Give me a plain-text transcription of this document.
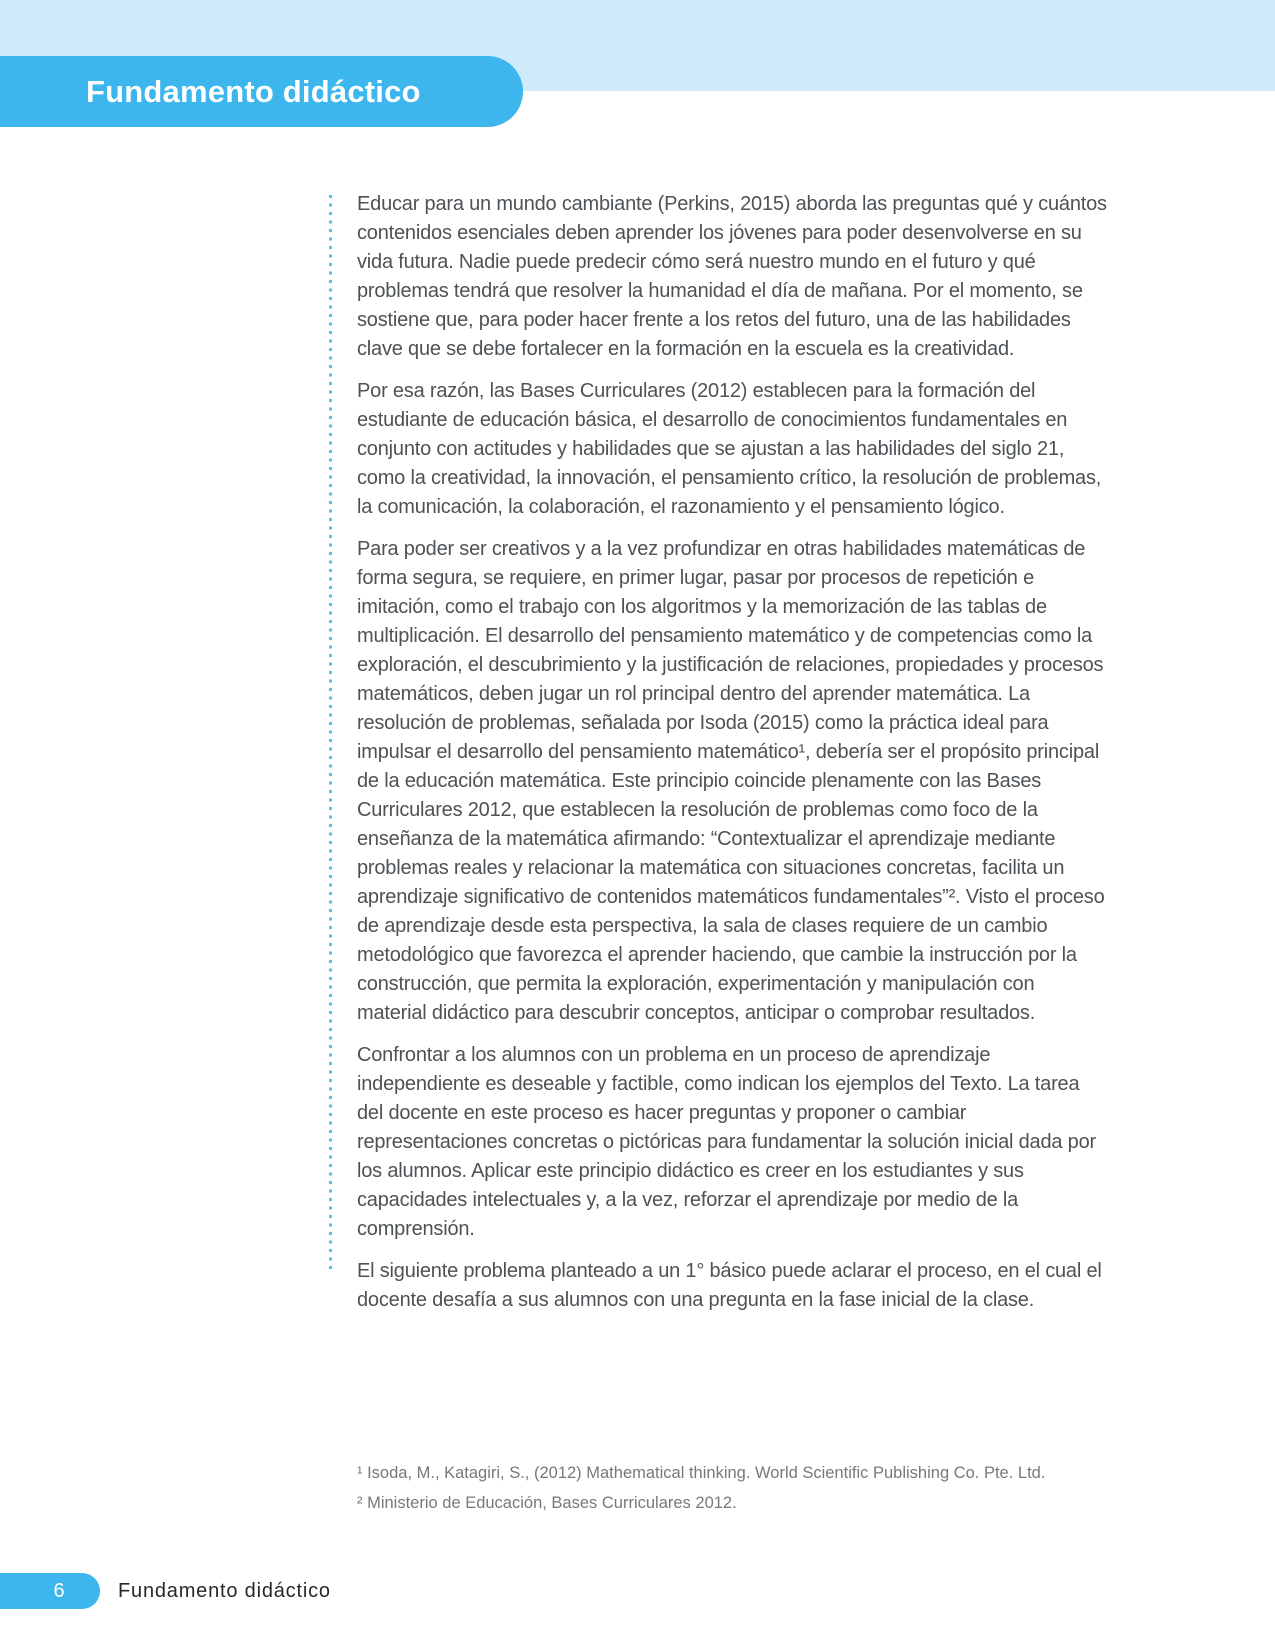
Fundamento didáctico

Educar para un mundo cambiante (Perkins, 2015) aborda las preguntas qué y cuántos contenidos esenciales deben aprender los jóvenes para poder desenvolverse en su vida futura. Nadie puede predecir cómo será nuestro mundo en el futuro y qué problemas tendrá que resolver la humanidad el día de mañana. Por el momento, se sostiene que, para poder hacer frente a los retos del futuro, una de las habilidades clave que se debe fortalecer en la formación en la escuela es la creatividad.

Por esa razón, las Bases Curriculares (2012) establecen para la formación del estudiante de educación básica, el desarrollo de conocimientos fundamentales en conjunto con actitudes y habilidades que se ajustan a las habilidades del siglo 21, como la creatividad, la innovación, el pensamiento crítico, la resolución de problemas, la comunicación, la colaboración, el razonamiento y el pensamiento lógico.

Para poder ser creativos y a la vez profundizar en otras habilidades matemáticas de forma segura, se requiere, en primer lugar, pasar por procesos de repetición e imitación, como el trabajo con los algoritmos y la memorización de las tablas de multiplicación. El desarrollo del pensamiento matemático y de competencias como la exploración, el descubrimiento y la justificación de relaciones, propiedades y procesos matemáticos, deben jugar un rol principal dentro del aprender matemática. La resolución de problemas, señalada por Isoda (2015) como la práctica ideal para impulsar el desarrollo del pensamiento matemático¹, debería ser el propósito principal de la educación matemática. Este principio coincide plenamente con las Bases Curriculares 2012, que establecen la resolución de problemas como foco de la enseñanza de la matemática afirmando: “Contextualizar el aprendizaje mediante problemas reales y relacionar la matemática con situaciones concretas, facilita un aprendizaje significativo de contenidos matemáticos fundamentales”². Visto el proceso de aprendizaje desde esta perspectiva, la sala de clases requiere de un cambio metodológico que favorezca el aprender haciendo, que cambie la instrucción por la construcción, que permita la exploración, experimentación y manipulación con material didáctico para descubrir conceptos, anticipar o comprobar resultados.

Confrontar a los alumnos con un problema en un proceso de aprendizaje independiente es deseable y factible, como indican los ejemplos del Texto. La tarea del docente en este proceso es hacer preguntas y proponer o cambiar representaciones concretas o pictóricas para fundamentar la solución inicial dada por los alumnos. Aplicar este principio didáctico es creer en los estudiantes y sus capacidades intelectuales y, a la vez, reforzar el aprendizaje por medio de la comprensión.

El siguiente problema planteado a un 1° básico puede aclarar el proceso, en el cual el docente desafía a sus alumnos con una pregunta en la fase inicial de la clase.

¹ Isoda, M., Katagiri, S., (2012) Mathematical thinking. World Scientific Publishing Co. Pte. Ltd.

² Ministerio de Educación, Bases Curriculares 2012.

6	Fundamento didáctico
